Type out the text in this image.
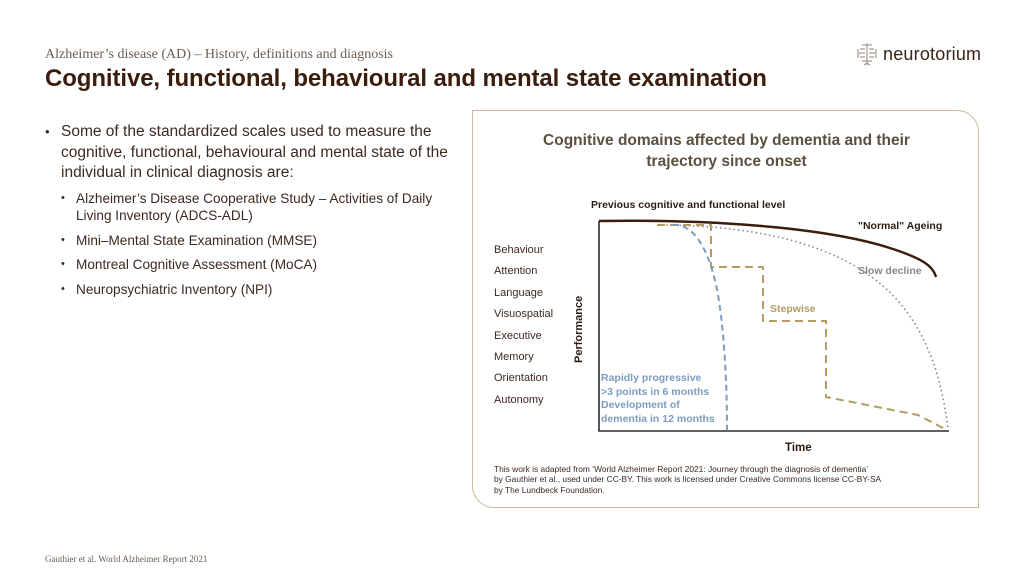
Alzheimer’s disease (AD) – History, definitions and diagnosis
Cognitive, functional, behavioural and mental state examination
neurotorium
• Some of the standardized scales used to measure the cognitive, functional, behavioural and mental state of the individual in clinical diagnosis are:
• Alzheimer’s Disease Cooperative Study – Activities of Daily Living Inventory (ADCS-ADL)
• Mini–Mental State Examination (MMSE)
• Montreal Cognitive Assessment (MoCA)
• Neuropsychiatric Inventory (NPI)
Cognitive domains affected by dementia and their
trajectory since onset
Previous cognitive and functional level
Behaviour
Attention
Language
Visuospatial
Executive
Memory
Orientation
Autonomy
Performance
Time
"Normal" Ageing
Slow decline
Stepwise
Rapidly progressive
>3 points in 6 months
Development of
dementia in 12 months
This work is adapted from ‘World Alzheimer Report 2021: Journey through the diagnosis of dementia’
by Gauthier et al., used under CC-BY. This work is licensed under Creative Commons license CC-BY-SA
by The Lundbeck Foundation.
Gauthier et al. World Alzheimer Report 2021
